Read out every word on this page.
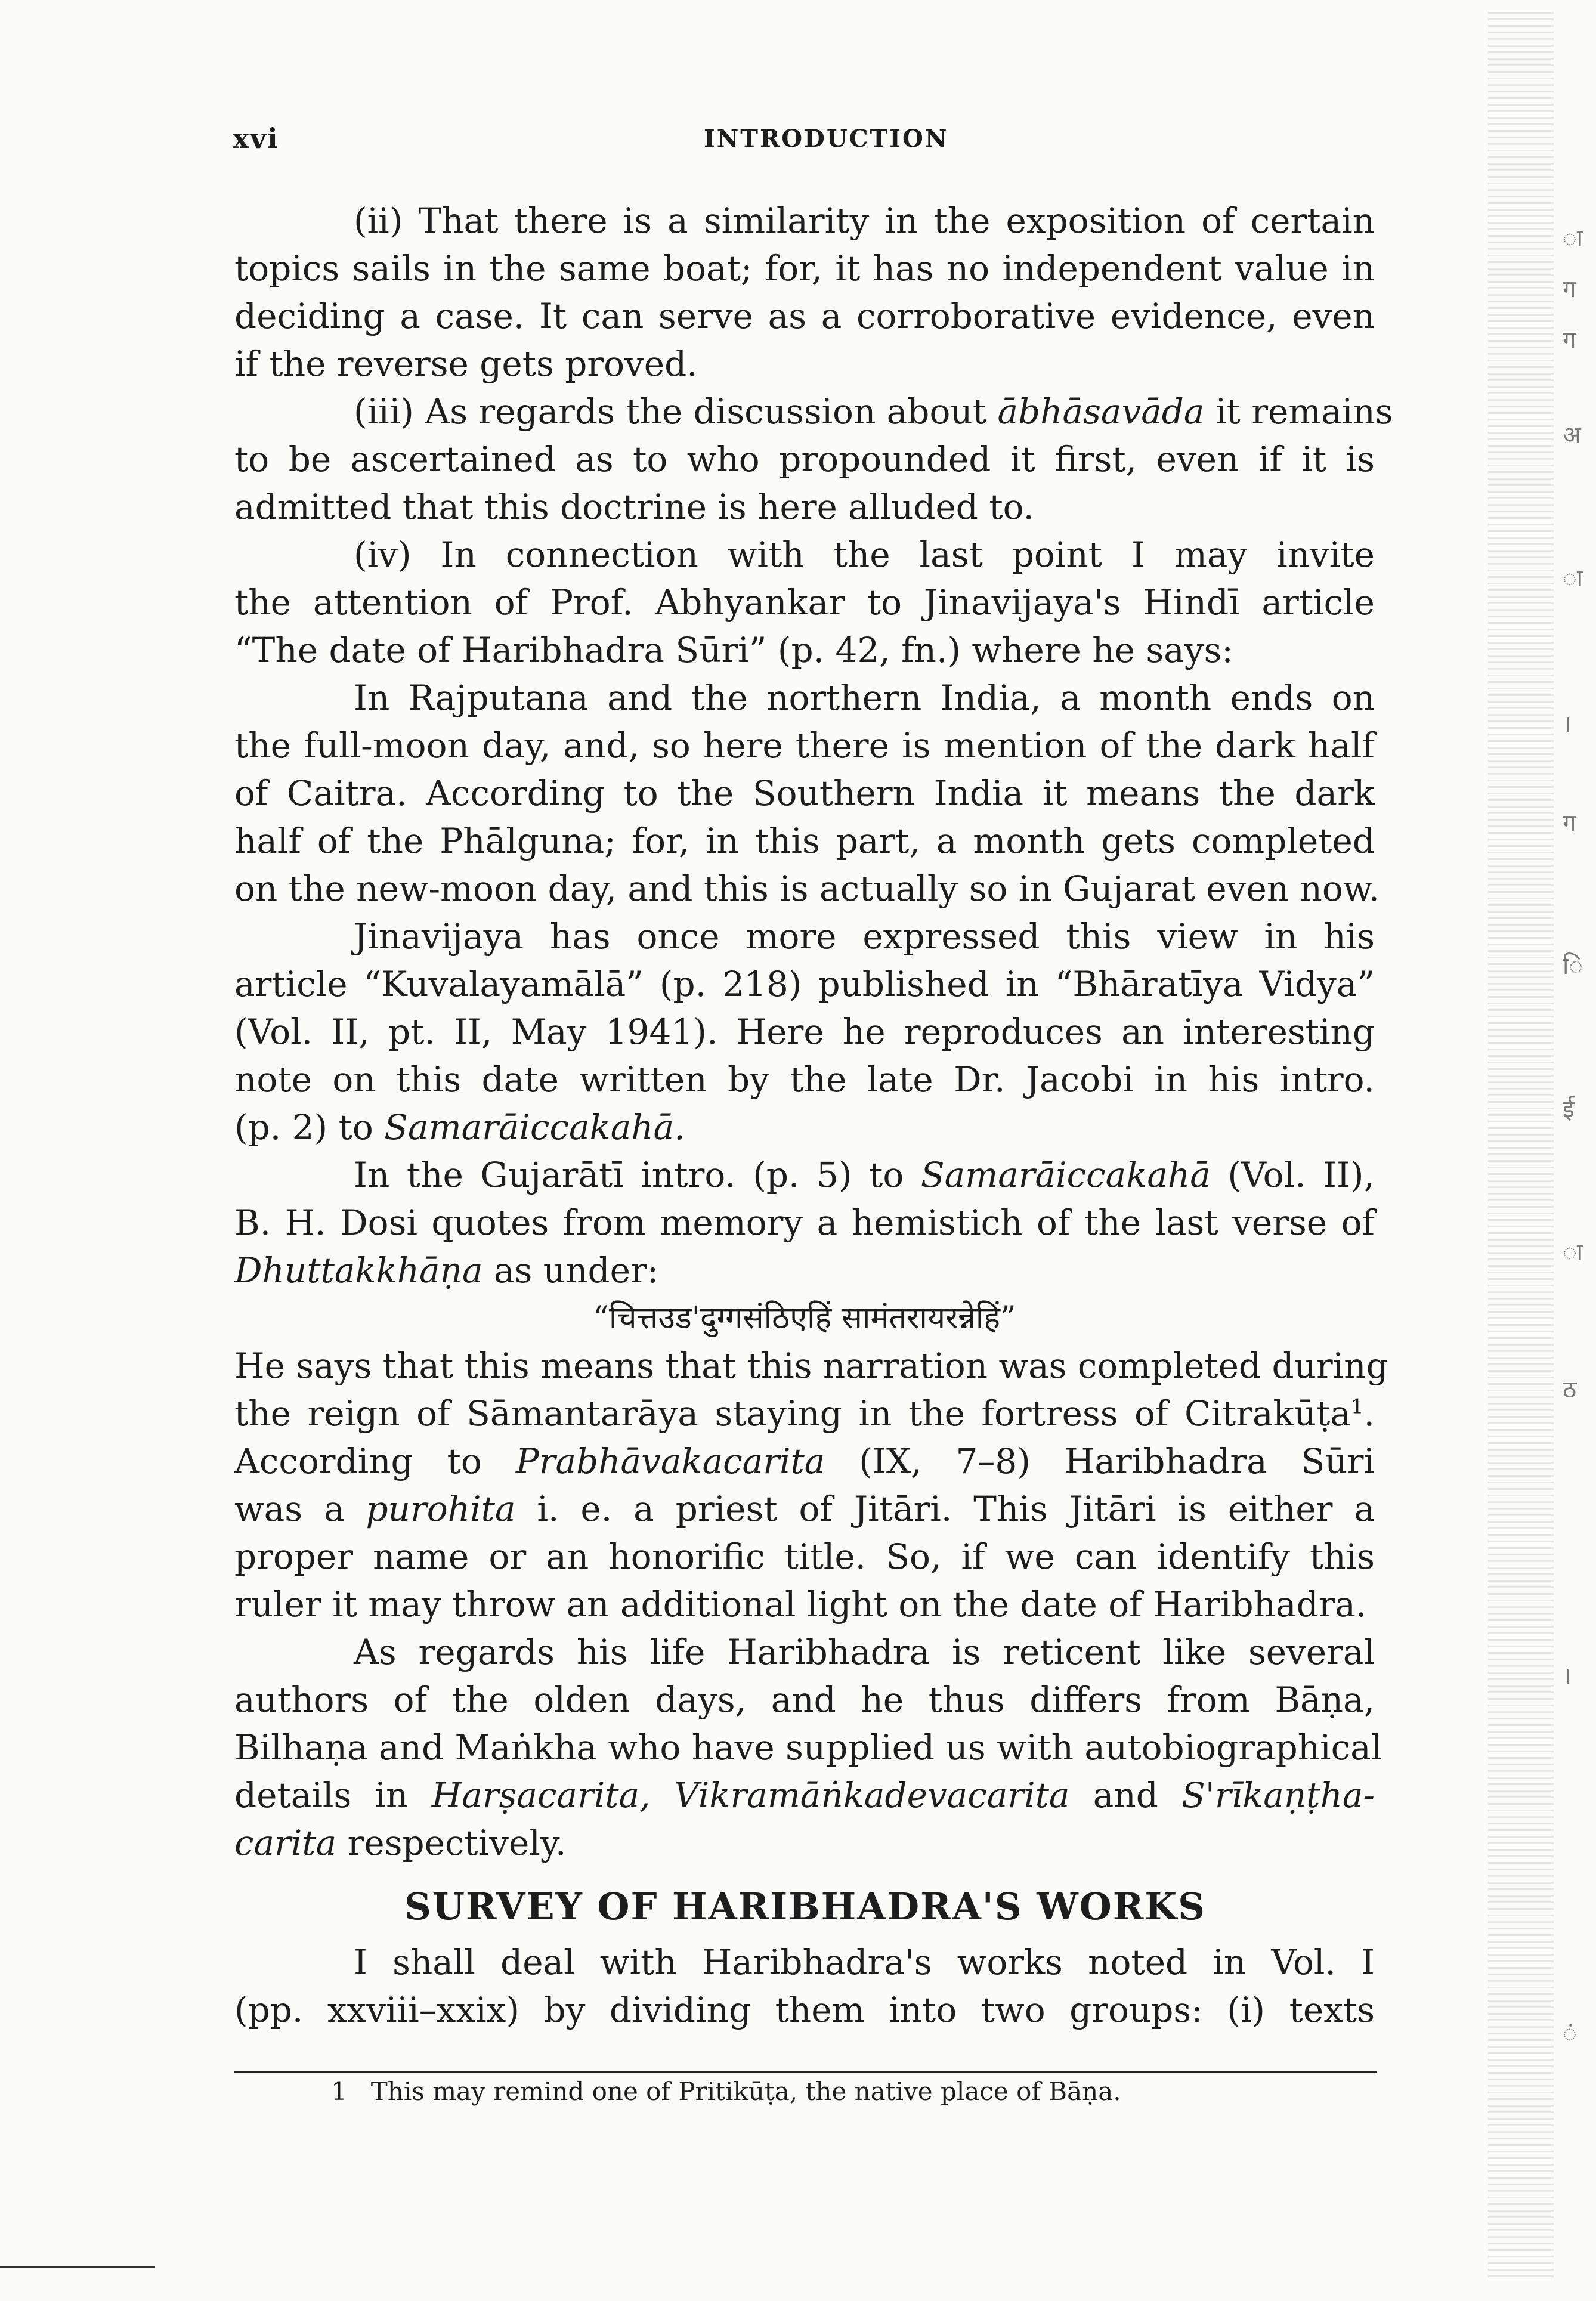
ा
ग
ग
अ
ा
।
ग
ि
ई
ा
ठ
।
ं
xvi	INTRODUCTION
(ii) That there is a similarity in the exposition of certain
topics sails in the same boat; for, it has no independent value in
deciding a case. It can serve as a corroborative evidence, even
if the reverse gets proved.
(iii) As regards the discussion about ābhāsavāda it remains
to be ascertained as to who propounded it first, even if it is
admitted that this doctrine is here alluded to.
(iv) In connection with the last point I may invite
the attention of Prof. Abhyankar to Jinavijaya's Hindī article
“The date of Haribhadra Sūri” (p. 42, fn.) where he says:
In Rajputana and the northern India, a month ends on
the full-moon day, and, so here there is mention of the dark half
of Caitra. According to the Southern India it means the dark
half of the Phālguna; for, in this part, a month gets completed
on the new-moon day, and this is actually so in Gujarat even now.
Jinavijaya has once more expressed this view in his
article “Kuvalayamālā” (p. 218) published in “Bhāratīya Vidya”
(Vol. II, pt. II, May 1941). Here he reproduces an interesting
note on this date written by the late Dr. Jacobi in his intro.
(p. 2) to Samarāiccakahā.
In the Gujarātī intro. (p. 5) to Samarāiccakahā (Vol. II),
B. H. Dosi quotes from memory a hemistich of the last verse of
Dhuttakkhāṇa as under:
“चित्तउड'दुग्गसंठिएहिं सामंतरायरन्नेहिं”
He says that this means that this narration was completed during
the reign of Sāmantarāya staying in the fortress of Citrakūṭa$^1$.
According to Prabhāvakacarita (IX, 7–8) Haribhadra Sūri
was a purohita i. e. a priest of Jitāri. This Jitāri is either a
proper name or an honorific title. So, if we can identify this
ruler it may throw an additional light on the date of Haribhadra.
As regards his life Haribhadra is reticent like several
authors of the olden days, and he thus differs from Bāṇa,
Bilhaṇa and Maṅkha who have supplied us with autobiographical
details in Harṣacarita, Vikramāṅkadevacarita and S'rīkaṇṭha-
carita respectively.
SURVEY OF HARIBHADRA'S WORKS
I shall deal with Haribhadra's works noted in Vol. I
(pp. xxviii–xxix) by dividing them into two groups: (i) texts
1 This may remind one of Pritikūṭa, the native place of Bāṇa.
